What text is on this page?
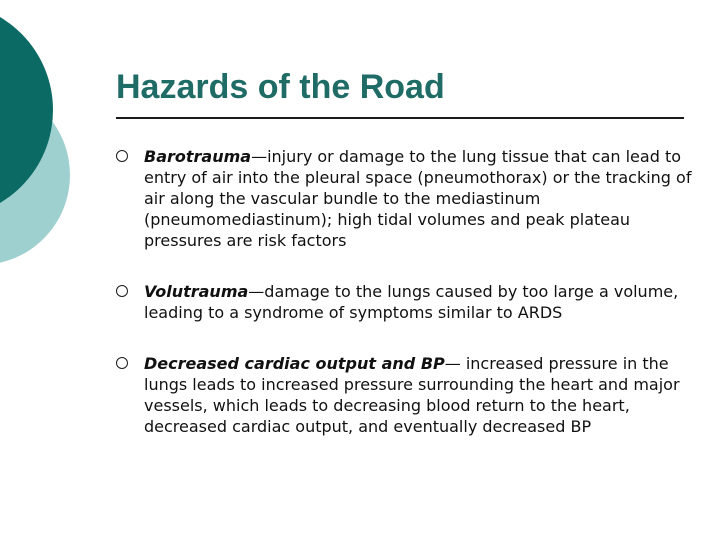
Hazards of the Road
Barotrauma—injury or damage to the lung tissue that can lead to entry of air into the pleural space (pneumothorax) or the tracking of air along the vascular bundle to the mediastinum (pneumomediastinum); high tidal volumes and peak plateau pressures are risk factors
Volutrauma—damage to the lungs caused by too large a volume, leading to a syndrome of symptoms similar to ARDS
Decreased cardiac output and BP— increased pressure in the lungs leads to increased pressure surrounding the heart and major vessels, which leads to decreasing blood return to the heart, decreased cardiac output, and eventually decreased BP
